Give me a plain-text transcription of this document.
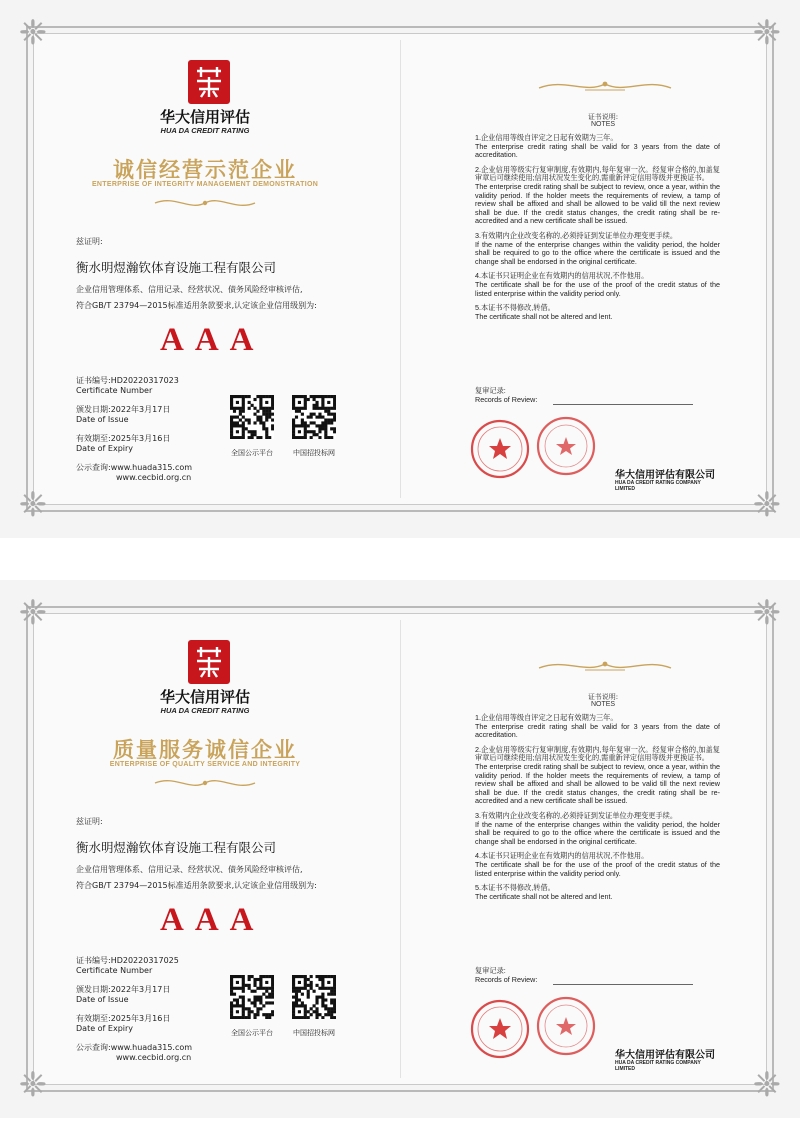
❈	❈
❈	❈
华大信用评估
HUA DA CREDIT RATING
诚信经营示范企业
ENTERPRISE OF INTEGRITY MANAGEMENT DEMONSTRATION
兹证明:
衡水明煜瀚钦体育设施工程有限公司
企业信用管理体系、信用记录、经营状况、债务风险经审核评估,
符合GB/T 23794—2015标准适用条款要求,认定该企业信用级别为:
AAA
证书编号:HD20220317023
Certificate Number
颁发日期:2022年3月17日
Date of Issue
有效期至:2025年3月16日
Date of Expiry
公示查询:www.huada315.com
www.cecbid.org.cn
全国公示平台	中国招投标网
证书说明:
NOTES

1.企业信用等级自评定之日起有效期为三年。
The enterprise credit rating shall be valid for 3 years from the date of accreditation.

2.企业信用等级实行复审制度,有效期内,每年复审一次。经复审合格的,加盖复审章后可继续使用;信用状况发生变化的,需重新评定信用等级并更换证书。
The enterprise credit rating shall be subject to review, once a year, within the validity period. If the holder meets the requirements of review, a tamp of review shall be affixed and shall be allowed to be valid till the next review shall be due. If the credit status changes, the credit rating shall be re-accredited and a new certificate shall be issued.

3.有效期内企业改变名称的,必须持证到发证单位办理变更手续。
If the name of the enterprise changes within the validity period, the holder shall be required to go to the office where the certificate is issued and the change shall be endorsed in the original certificate.

4.本证书只证明企业在有效期内的信用状况,不作他用。
The certificate shall be for the use of the proof of the credit status of the listed enterprise within the validity period only.

5.本证书不得修改,转借。
The certificate shall not be altered and lent.

复审记录:
Records of Review:
华大信用评估有限公司
HUA DA CREDIT RATING COMPANY LIMITED
❈	❈
❈	❈
华大信用评估
HUA DA CREDIT RATING
质量服务诚信企业
ENTERPRISE OF QUALITY SERVICE AND INTEGRITY
兹证明:
衡水明煜瀚钦体育设施工程有限公司
企业信用管理体系、信用记录、经营状况、债务风险经审核评估,
符合GB/T 23794—2015标准适用条款要求,认定该企业信用级别为:
AAA
证书编号:HD20220317025
Certificate Number
颁发日期:2022年3月17日
Date of Issue
有效期至:2025年3月16日
Date of Expiry
公示查询:www.huada315.com
www.cecbid.org.cn
全国公示平台	中国招投标网
证书说明:
NOTES

1.企业信用等级自评定之日起有效期为三年。
The enterprise credit rating shall be valid for 3 years from the date of accreditation.

2.企业信用等级实行复审制度,有效期内,每年复审一次。经复审合格的,加盖复审章后可继续使用;信用状况发生变化的,需重新评定信用等级并更换证书。
The enterprise credit rating shall be subject to review, once a year, within the validity period. If the holder meets the requirements of review, a tamp of review shall be affixed and shall be allowed to be valid till the next review shall be due. If the credit status changes, the credit rating shall be re-accredited and a new certificate shall be issued.

3.有效期内企业改变名称的,必须持证到发证单位办理变更手续。
If the name of the enterprise changes within the validity period, the holder shall be required to go to the office where the certificate is issued and the change shall be endorsed in the original certificate.

4.本证书只证明企业在有效期内的信用状况,不作他用。
The certificate shall be for the use of the proof of the credit status of the listed enterprise within the validity period only.

5.本证书不得修改,转借。
The certificate shall not be altered and lent.

复审记录:
Records of Review:
华大信用评估有限公司
HUA DA CREDIT RATING COMPANY LIMITED
